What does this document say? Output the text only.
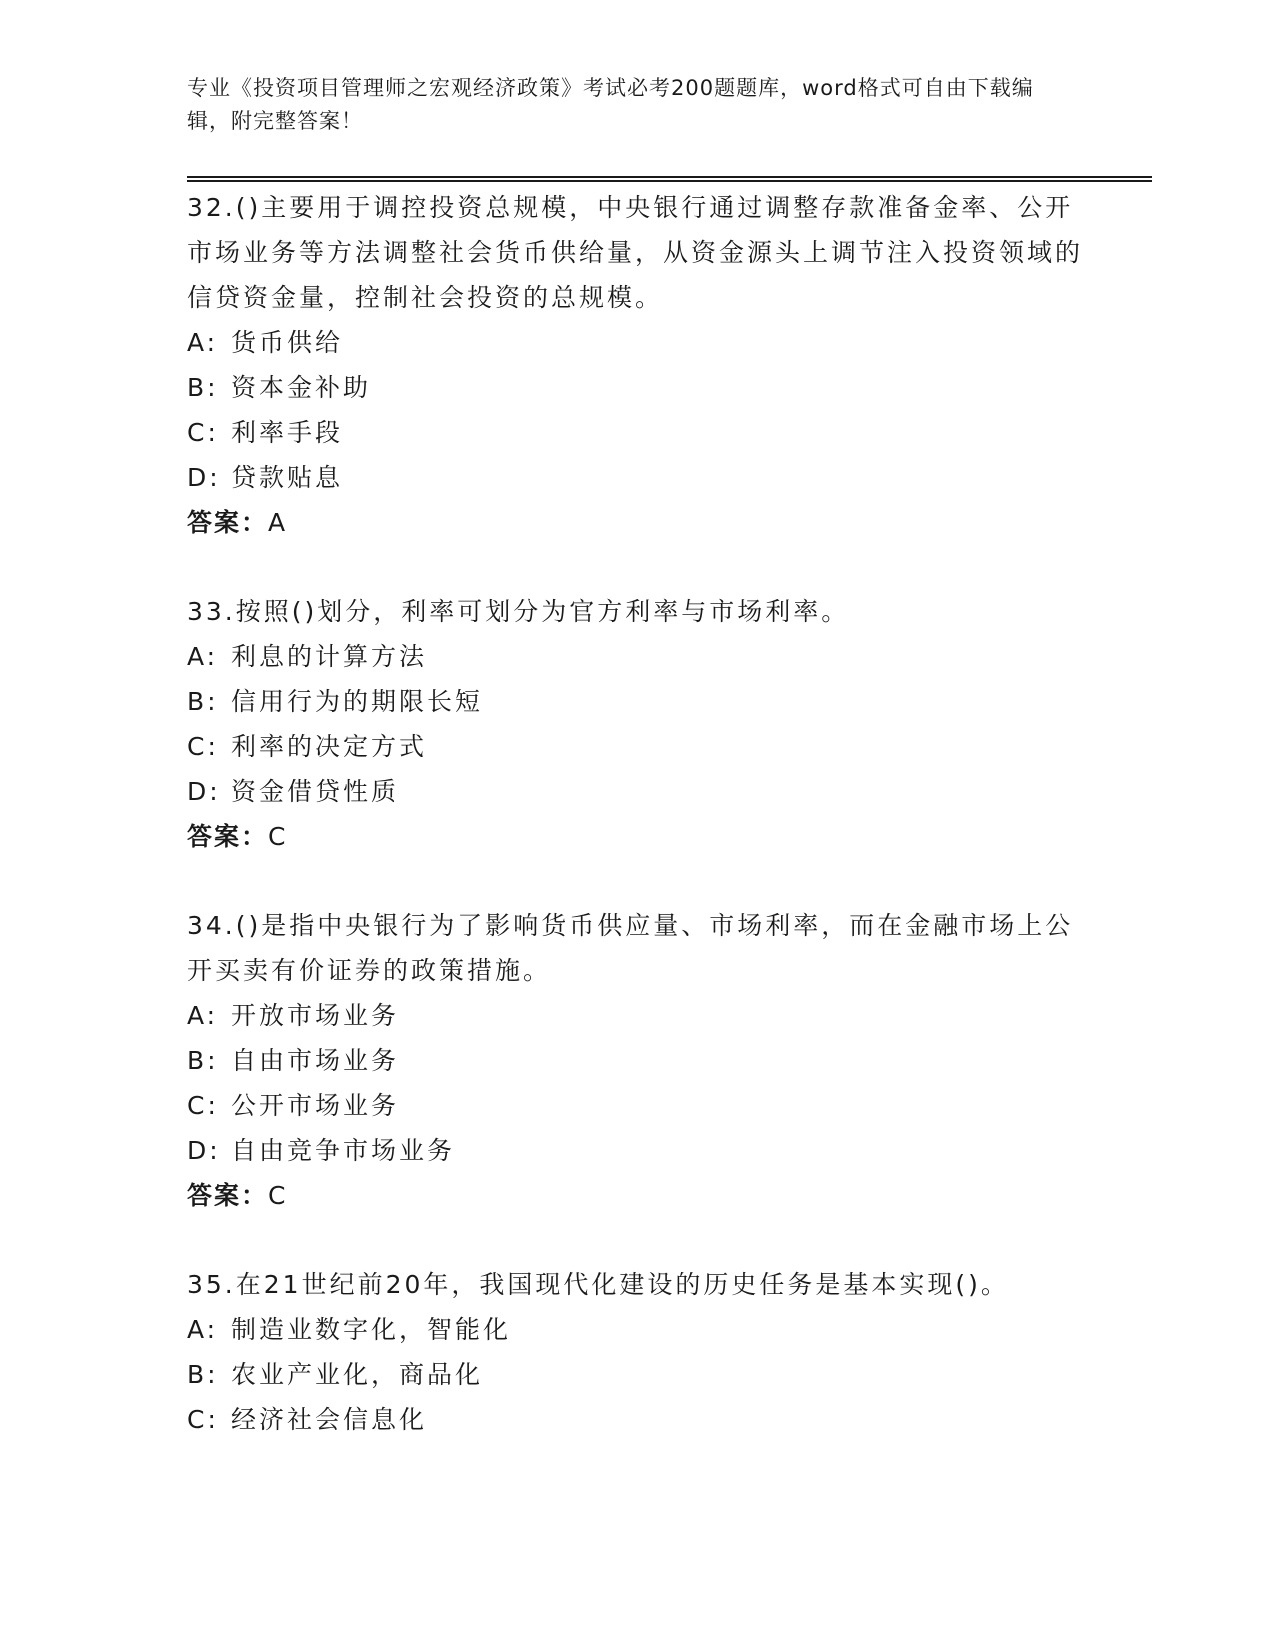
专业《投资项目管理师之宏观经济政策》考试必考200题题库，word格式可自由下载编辑，附完整答案！

32.()主要用于调控投资总规模，中央银行通过调整存款准备金率、公开市场业务等方法调整社会货币供给量，从资金源头上调节注入投资领域的信贷资金量，控制社会投资的总规模。

A: 货币供给

B: 资本金补助

C: 利率手段

D: 贷款贴息

答案：A

33.按照()划分，利率可划分为官方利率与市场利率。

A: 利息的计算方法

B: 信用行为的期限长短

C: 利率的决定方式

D: 资金借贷性质

答案：C

34.()是指中央银行为了影响货币供应量、市场利率，而在金融市场上公开买卖有价证券的政策措施。

A: 开放市场业务

B: 自由市场业务

C: 公开市场业务

D: 自由竞争市场业务

答案：C

35.在21世纪前20年，我国现代化建设的历史任务是基本实现()。

A: 制造业数字化，智能化

B: 农业产业化，商品化

C: 经济社会信息化
